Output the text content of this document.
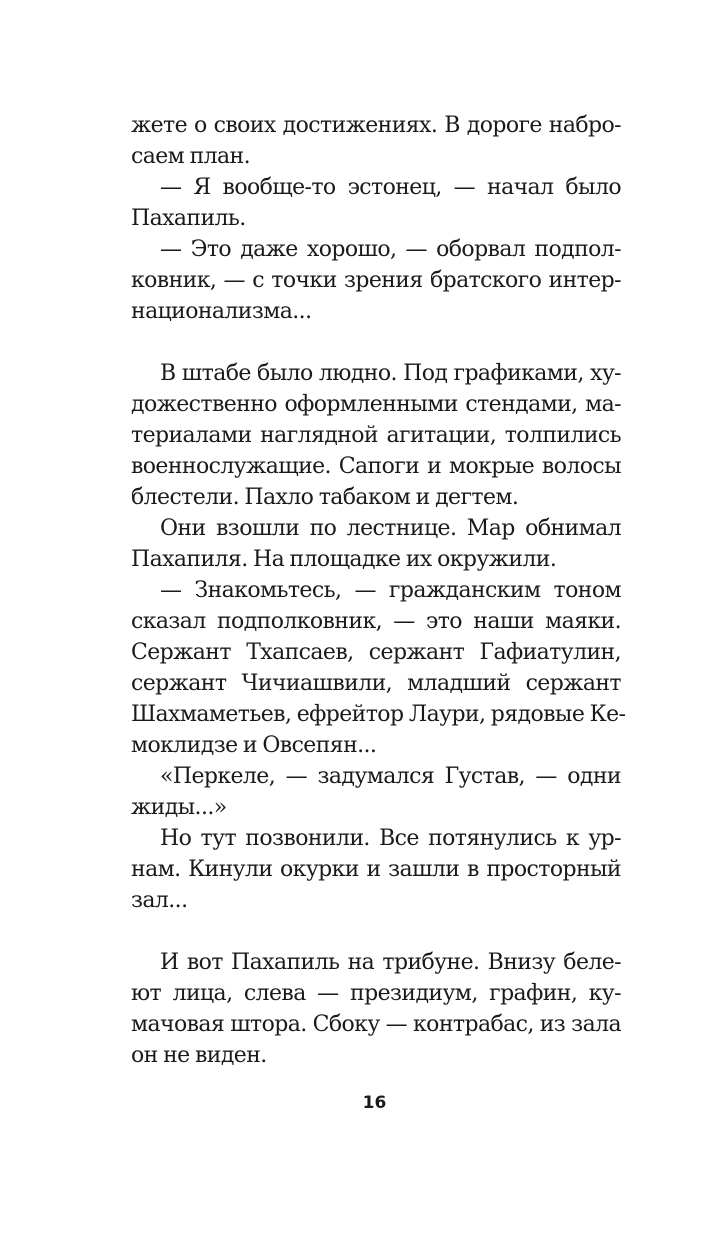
жете о своих достижениях. В дороге набро-
саем план.
— Я вообще-то эстонец, — начал было
Пахапиль.
— Это даже хорошо, — оборвал подпол-
ковник, — с точки зрения братского интер-
национализма...
В штабе было людно. Под графиками, ху-
дожественно оформленными стендами, ма-
териалами наглядной агитации, толпились
военнослужащие. Сапоги и мокрые волосы
блестели. Пахло табаком и дегтем.
Они взошли по лестнице. Мар обнимал
Пахапиля. На площадке их окружили.
— Знакомьтесь, — гражданским тоном
сказал подполковник, — это наши маяки.
Сержант Тхапсаев, сержант Гафиатулин,
сержант Чичиашвили, младший сержант
Шахмаметьев, ефрейтор Лаури, рядовые Ке-
моклидзе и Овсепян...
«Перкеле, — задумался Густав, — одни
жиды...»
Но тут позвонили. Все потянулись к ур-
нам. Кинули окурки и зашли в просторный
зал...
И вот Пахапиль на трибуне. Внизу беле-
ют лица, слева — президиум, графин, ку-
мачовая штора. Сбоку — контрабас, из зала
он не виден.
16
